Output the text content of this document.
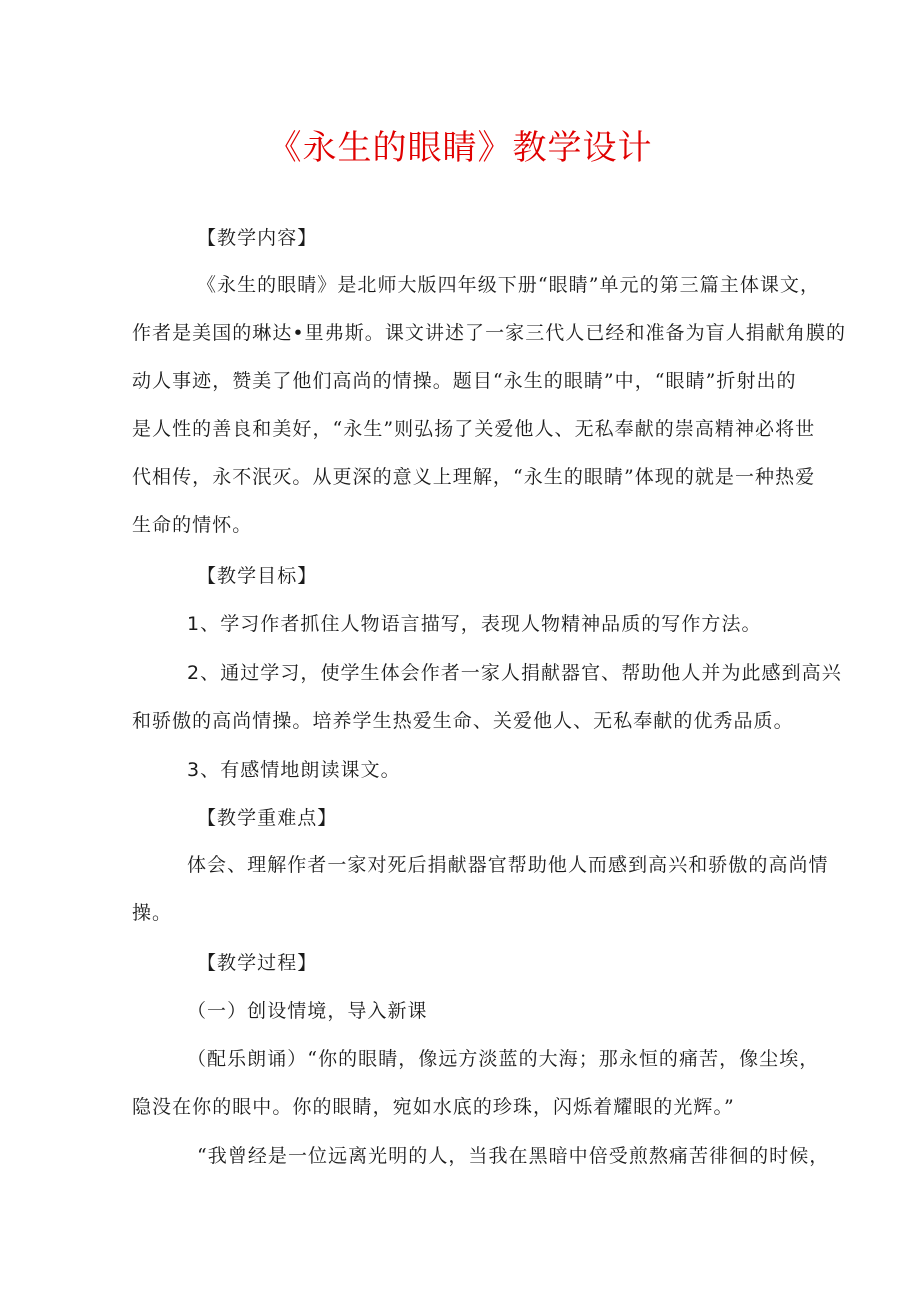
《永生的眼睛》教学设计
【教学内容】
《永生的眼睛》是北师大版四年级下册“眼睛”单元的第三篇主体课文，
作者是美国的琳达•里弗斯。课文讲述了一家三代人已经和准备为盲人捐献角膜的
动人事迹，赞美了他们高尚的情操。题目“永生的眼睛”中，“眼睛”折射出的
是人性的善良和美好，“永生”则弘扬了关爱他人、无私奉献的崇高精神必将世
代相传，永不泯灭。从更深的意义上理解，“永生的眼睛”体现的就是一种热爱
生命的情怀。
【教学目标】
1、学习作者抓住人物语言描写，表现人物精神品质的写作方法。
2、通过学习，使学生体会作者一家人捐献器官、帮助他人并为此感到高兴
和骄傲的高尚情操。培养学生热爱生命、关爱他人、无私奉献的优秀品质。
3、有感情地朗读课文。
【教学重难点】
体会、理解作者一家对死后捐献器官帮助他人而感到高兴和骄傲的高尚情
操。
【教学过程】
（一）创设情境，导入新课
（配乐朗诵）“你的眼睛，像远方淡蓝的大海；那永恒的痛苦，像尘埃，
隐没在你的眼中。你的眼睛，宛如水底的珍珠，闪烁着耀眼的光辉。”
“我曾经是一位远离光明的人，当我在黑暗中倍受煎熬痛苦徘徊的时候，
